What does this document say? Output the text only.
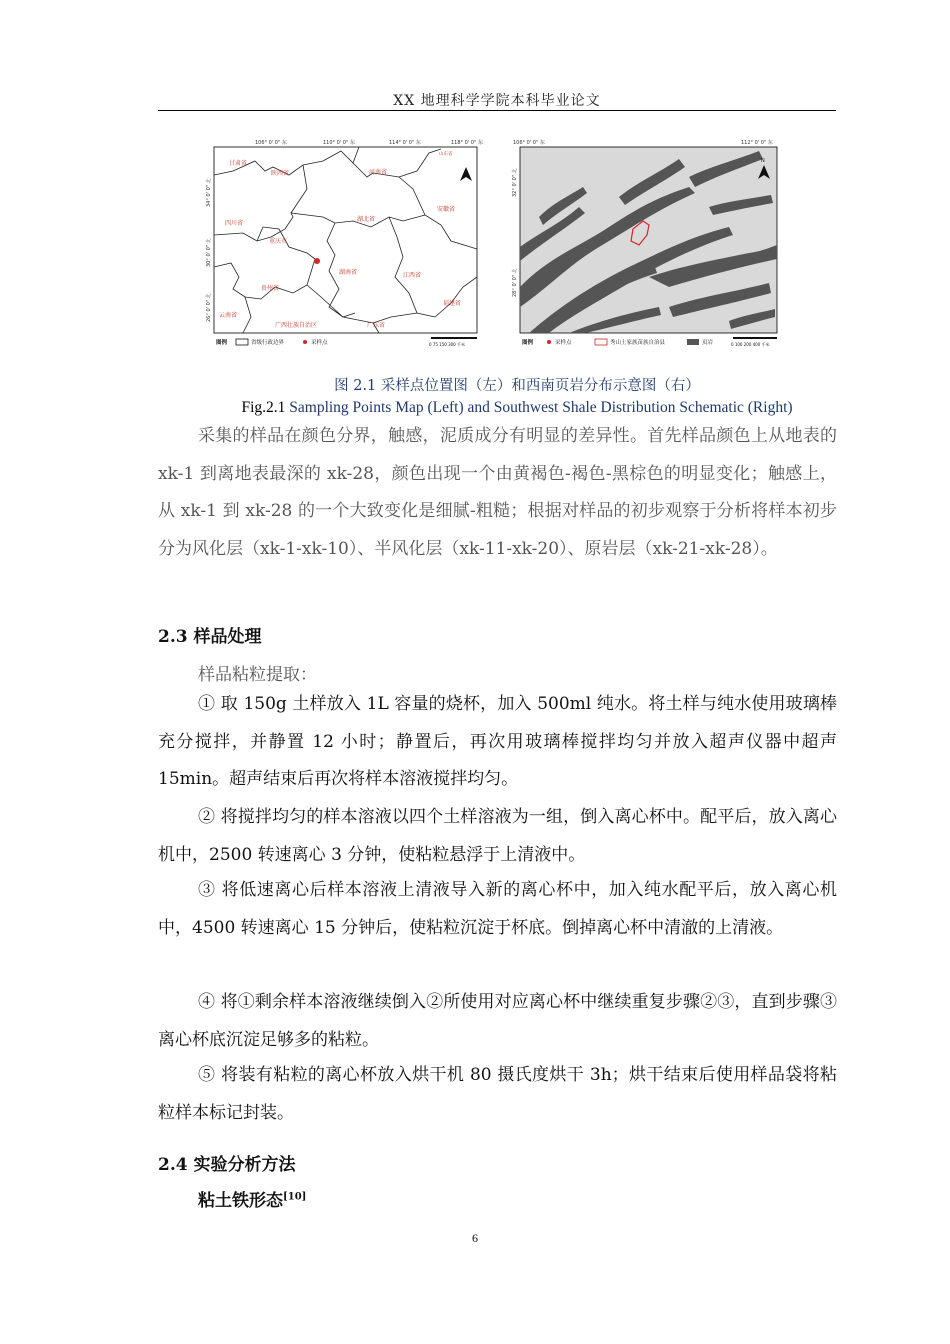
XX 地理科学学院本科毕业论文
106° 0' 0" 东	110° 0' 0" 东	114° 0' 0" 东	118° 0' 0" 东
34° 0' 0" 北
30° 0' 0" 北
26° 0' 0" 北
甘肃省
陕西省	河南省
山东省
四川省
安徽省
湖北省
重庆市
贵州省
湖南省	江西省
福建省
云南省
广西壮族自治区	广东省
图例	省级行政边界	采样点	0 75 150 300 千米
106° 0' 0" 东	112° 0' 0" 东
32° 0' 0" 北
28° 0' 0" 北
N
图例	采样点	秀山土家族苗族自治县	页岩	0 100 200 400 千米
图 2.1 采样点位置图（左）和西南页岩分布示意图（右）
Fig.2.1 Sampling Points Map (Left) and Southwest Shale Distribution Schematic (Right)

采集的样品在颜色分界，触感，泥质成分有明显的差异性。首先样品颜色上从地表的 xk-1 到离地表最深的 xk-28，颜色出现一个由黄褐色-褐色-黑棕色的明显变化；触感上，从 xk-1 到 xk-28 的一个大致变化是细腻-粗糙；根据对样品的初步观察于分析将样本初步分为风化层（xk-1-xk-10）、半风化层（xk-11-xk-20）、原岩层（xk-21-xk-28）。

2.3 样品处理

样品粘粒提取：

① 取 150g 土样放入 1L 容量的烧杯，加入 500ml 纯水。将土样与纯水使用玻璃棒充分搅拌，并静置 12 小时；静置后，再次用玻璃棒搅拌均匀并放入超声仪器中超声 15min。超声结束后再次将样本溶液搅拌均匀。

② 将搅拌均匀的样本溶液以四个土样溶液为一组，倒入离心杯中。配平后，放入离心机中，2500 转速离心 3 分钟，使粘粒悬浮于上清液中。

③ 将低速离心后样本溶液上清液导入新的离心杯中，加入纯水配平后，放入离心机中，4500 转速离心 15 分钟后，使粘粒沉淀于杯底。倒掉离心杯中清澈的上清液。

④ 将①剩余样本溶液继续倒入②所使用对应离心杯中继续重复步骤②③，直到步骤③离心杯底沉淀足够多的粘粒。

⑤ 将装有粘粒的离心杯放入烘干机 80 摄氏度烘干 3h；烘干结束后使用样品袋将粘粒样本标记封装。

2.4 实验分析方法

粘土铁形态[10]

6
